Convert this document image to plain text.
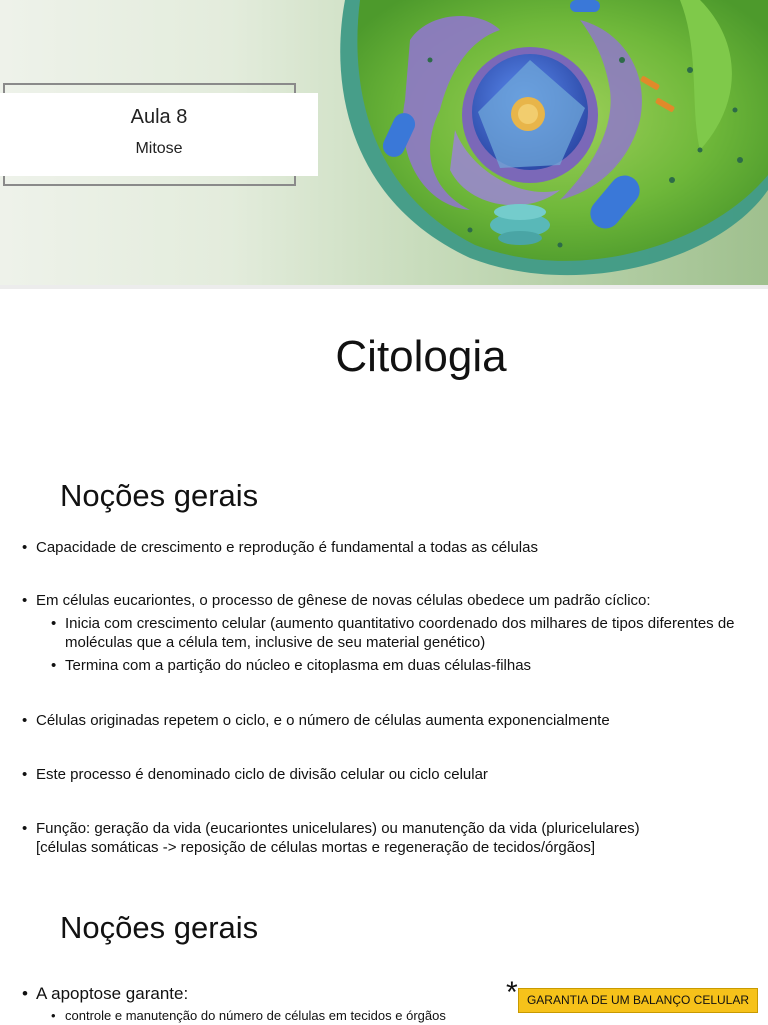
Aula 8
Mitose
Citologia
Noções gerais
• Capacidade de crescimento e reprodução é fundamental a todas as células
• Em células eucariontes, o processo de gênese de novas células obedece um padrão cíclico:
• Inicia com crescimento celular (aumento quantitativo coordenado dos milhares de tipos diferentes de moléculas que a célula tem, inclusive de seu material genético)
• Termina com a partição do núcleo e citoplasma em duas células-filhas
• Células originadas repetem o ciclo, e o número de células aumenta exponencialmente
• Este processo é denominado ciclo de divisão celular ou ciclo celular
• Função: geração da vida (eucariontes unicelulares) ou manutenção da vida (pluricelulares)
[células somáticas -> reposição de células mortas e regeneração de tecidos/órgãos]
Noções gerais
• A apoptose garante:
• controle e manutenção do número de células em tecidos e órgãos
* GARANTIA DE UM BALANÇO CELULAR
